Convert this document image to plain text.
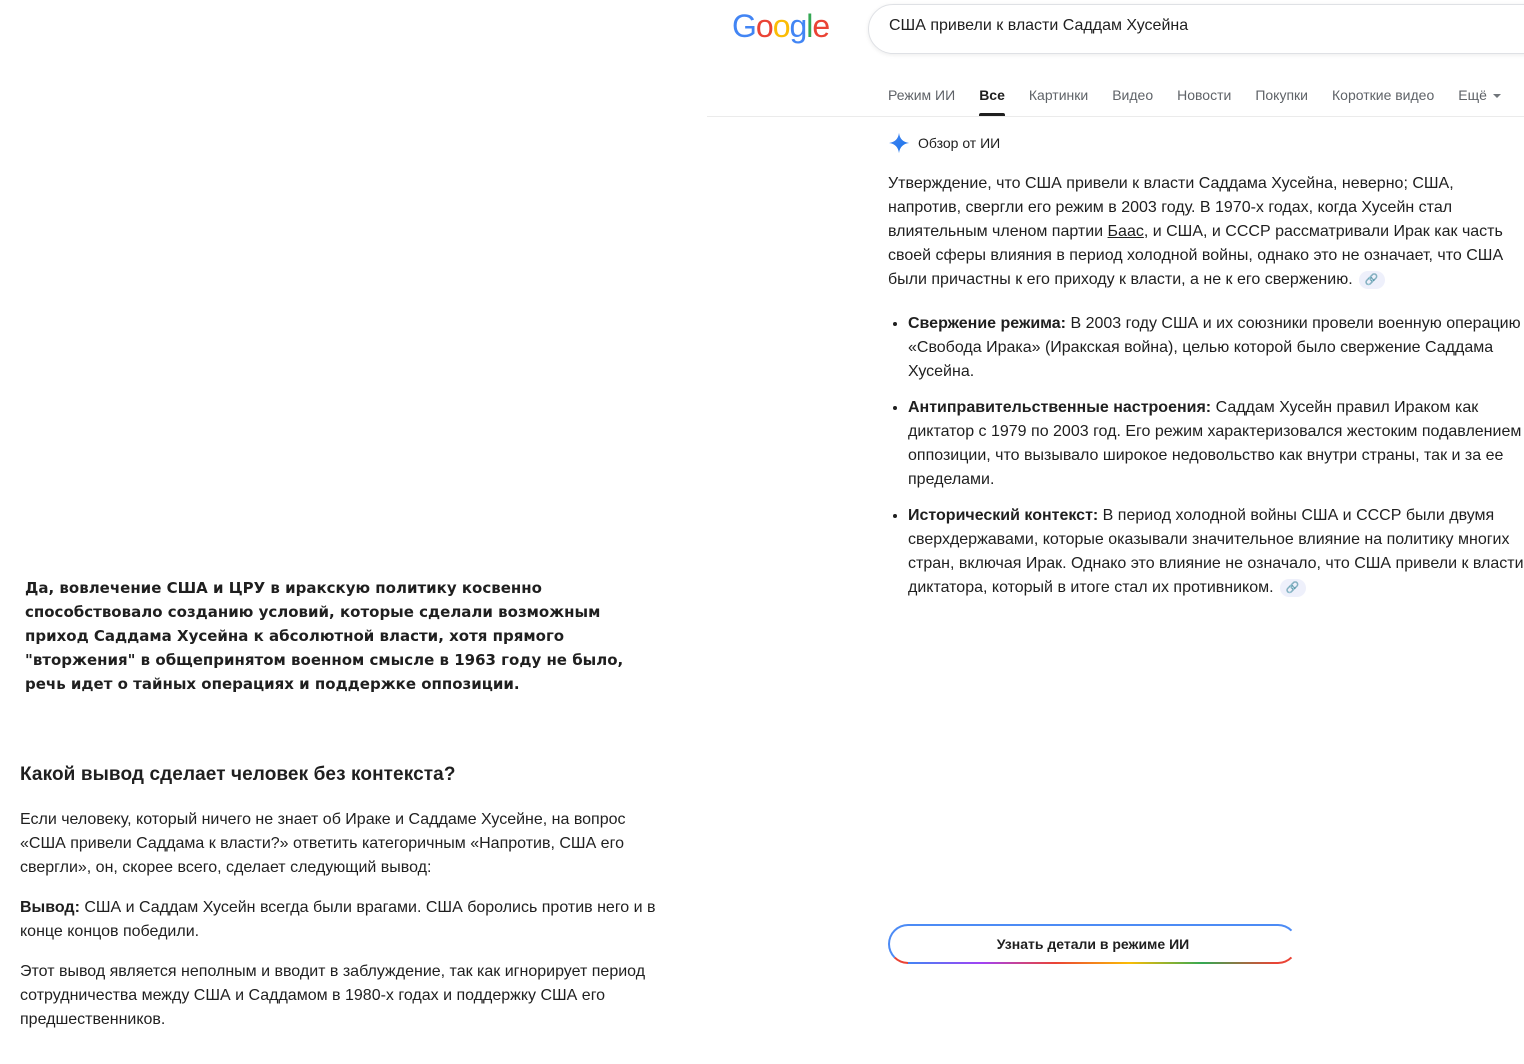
Да, вовлечение США и ЦРУ в иракскую политику косвенно способствовало созданию условий, которые сделали возможным приход Саддама Хусейна к абсолютной власти, хотя прямого "вторжения" в общепринятом военном смысле в 1963 году не было, речь идет о тайных операциях и поддержке оппозиции.

Какой вывод сделает человек без контекста?

Если человеку, который ничего не знает об Ираке и Саддаме Хусейне, на вопрос «США привели Саддама к власти?» ответить категоричным «Напротив, США его свергли», он, скорее всего, сделает следующий вывод:

Вывод: США и Саддам Хусейн всегда были врагами. США боролись против него и в конце концов победили.

Этот вывод является неполным и вводит в заблуждение, так как игнорирует период сотрудничества между США и Саддамом в 1980-х годах и поддержку США его предшественников.

Google
США привели к власти Саддам Хусейна
Режим ИИ Все Картинки Видео Новости Покупки Короткие видео Ещё
Обзор от ИИ

Утверждение, что США привели к власти Саддама Хусейна, неверно; США, напротив, свергли его режим в 2003 году. В 1970-х годах, когда Хусейн стал влиятельным членом партии Баас, и США, и СССР рассматривали Ирак как часть своей сферы влияния в период холодной войны, однако это не означает, что США были причастны к его приходу к власти, а не к его свержению. 🔗

• Свержение режима: В 2003 году США и их союзники провели военную операцию «Свобода Ирака» (Иракская война), целью которой было свержение Саддама Хусейна.
• Антиправительственные настроения: Саддам Хусейн правил Ираком как диктатор с 1979 по 2003 год. Его режим характеризовался жестоким подавлением оппозиции, что вызывало широкое недовольство как внутри страны, так и за ее пределами.
• Исторический контекст: В период холодной войны США и СССР были двумя сверхдержавами, которые оказывали значительное влияние на политику многих стран, включая Ирак. Однако это влияние не означало, что США привели к власти диктатора, который в итоге стал их противником. 🔗
Узнать детали в режиме ИИ
